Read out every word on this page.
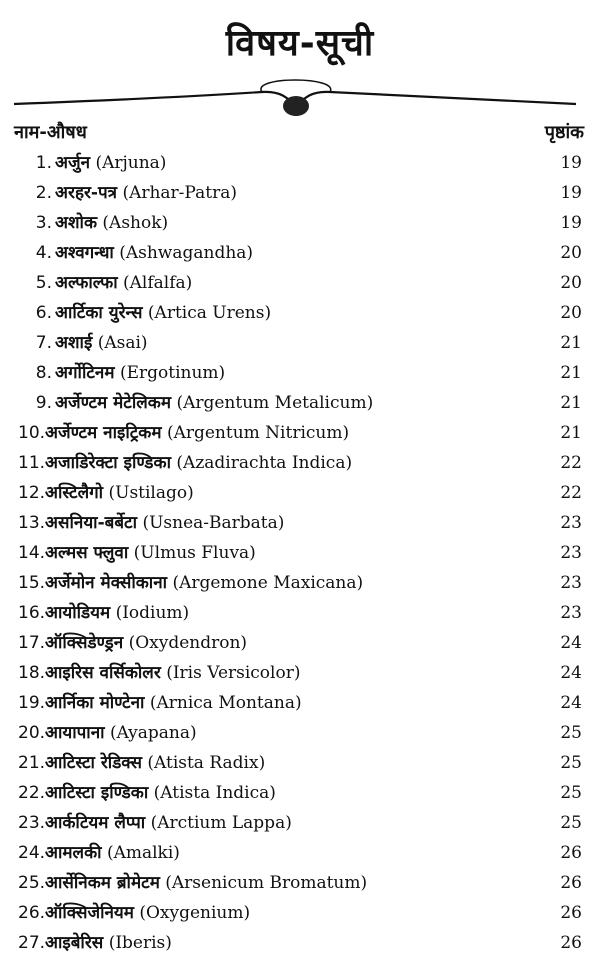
विषय-सूची
नाम-औषध	पृष्ठांक
1. अर्जुन (Arjuna)	19
2. अरहर-पत्र (Arhar-Patra)	19
3. अशोक (Ashok)	19
4. अश्वगन्धा (Ashwagandha)	20
5. अल्फाल्फा (Alfalfa)	20
6. आर्टिका युरेन्स (Artica Urens)	20
7. अशाई (Asai)	21
8. अर्गोटिनम (Ergotinum)	21
9. अर्जेण्टम मेटेलिकम (Argentum Metalicum)	21
10.अर्जेण्टम नाइट्रिकम (Argentum Nitricum)	21
11.अजाडिरेक्टा इण्डिका (Azadirachta Indica)	22
12.अस्टिलैगो (Ustilago)	22
13.असनिया-बर्बेटा (Usnea-Barbata)	23
14.अल्मस फ्लुवा (Ulmus Fluva)	23
15.अर्जेमोन मेक्सीकाना (Argemone Maxicana)	23
16.आयोडियम (Iodium)	23
17.ऑक्सिडेण्ड्रन (Oxydendron)	24
18.आइरिस वर्सिकोलर (Iris Versicolor)	24
19.आर्निका मोण्टेना (Arnica Montana)	24
20.आयापाना (Ayapana)	25
21.आटिस्टा रेडिक्स (Atista Radix)	25
22.आटिस्टा इण्डिका (Atista Indica)	25
23.आर्कटियम लैप्पा (Arctium Lappa)	25
24.आमलकी (Amalki)	26
25.आर्सेनिकम ब्रोमेटम (Arsenicum Bromatum)	26
26.ऑक्सिजेनियम (Oxygenium)	26
27.आइबेरिस (Iberis)	26
